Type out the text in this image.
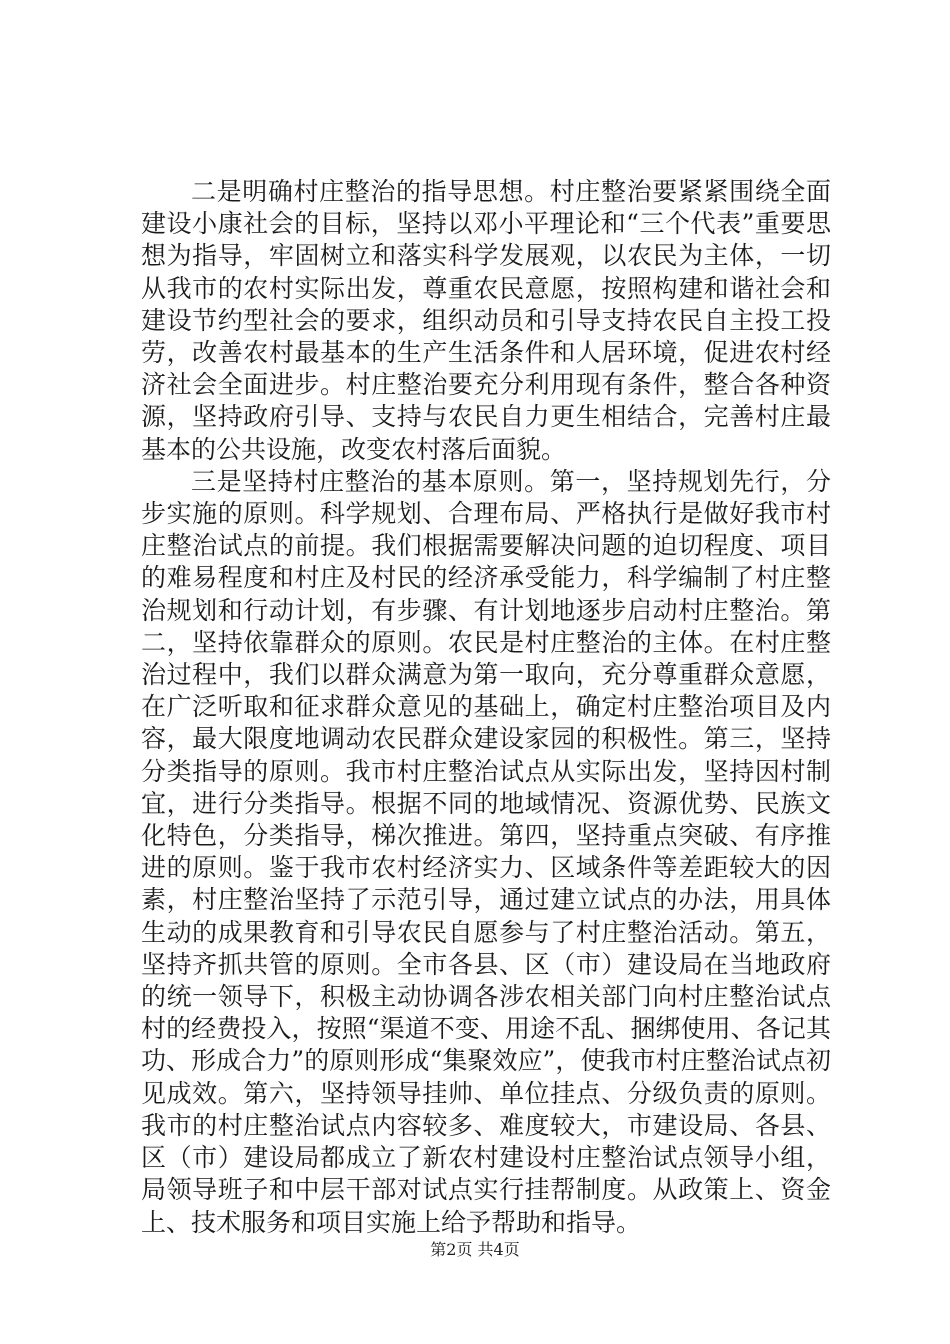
二是明确村庄整治的指导思想。村庄整治要紧紧围绕全面建设小康社会的目标，坚持以邓小平理论和“三个代表”重要思想为指导，牢固树立和落实科学发展观，以农民为主体，一切从我市的农村实际出发，尊重农民意愿，按照构建和谐社会和建设节约型社会的要求，组织动员和引导支持农民自主投工投劳，改善农村最基本的生产生活条件和人居环境，促进农村经济社会全面进步。村庄整治要充分利用现有条件，整合各种资源，坚持政府引导、支持与农民自力更生相结合，完善村庄最基本的公共设施，改变农村落后面貌。

三是坚持村庄整治的基本原则。第一，坚持规划先行，分步实施的原则。科学规划、合理布局、严格执行是做好我市村庄整治试点的前提。我们根据需要解决问题的迫切程度、项目的难易程度和村庄及村民的经济承受能力，科学编制了村庄整治规划和行动计划，有步骤、有计划地逐步启动村庄整治。第二，坚持依靠群众的原则。农民是村庄整治的主体。在村庄整治过程中，我们以群众满意为第一取向，充分尊重群众意愿，在广泛听取和征求群众意见的基础上，确定村庄整治项目及内容，最大限度地调动农民群众建设家园的积极性。第三，坚持分类指导的原则。我市村庄整治试点从实际出发，坚持因村制宜，进行分类指导。根据不同的地域情况、资源优势、民族文化特色，分类指导，梯次推进。第四，坚持重点突破、有序推进的原则。鉴于我市农村经济实力、区域条件等差距较大的因素，村庄整治坚持了示范引导，通过建立试点的办法，用具体生动的成果教育和引导农民自愿参与了村庄整治活动。第五，坚持齐抓共管的原则。全市各县、区（市）建设局在当地政府的统一领导下，积极主动协调各涉农相关部门向村庄整治试点村的经费投入，按照“渠道不变、用途不乱、捆绑使用、各记其功、形成合力”的原则形成“集聚效应”，使我市村庄整治试点初见成效。第六，坚持领导挂帅、单位挂点、分级负责的原则。我市的村庄整治试点内容较多、难度较大，市建设局、各县、区（市）建设局都成立了新农村建设村庄整治试点领导小组，局领导班子和中层干部对试点实行挂帮制度。从政策上、资金上、技术服务和项目实施上给予帮助和指导。

第2页 共4页
